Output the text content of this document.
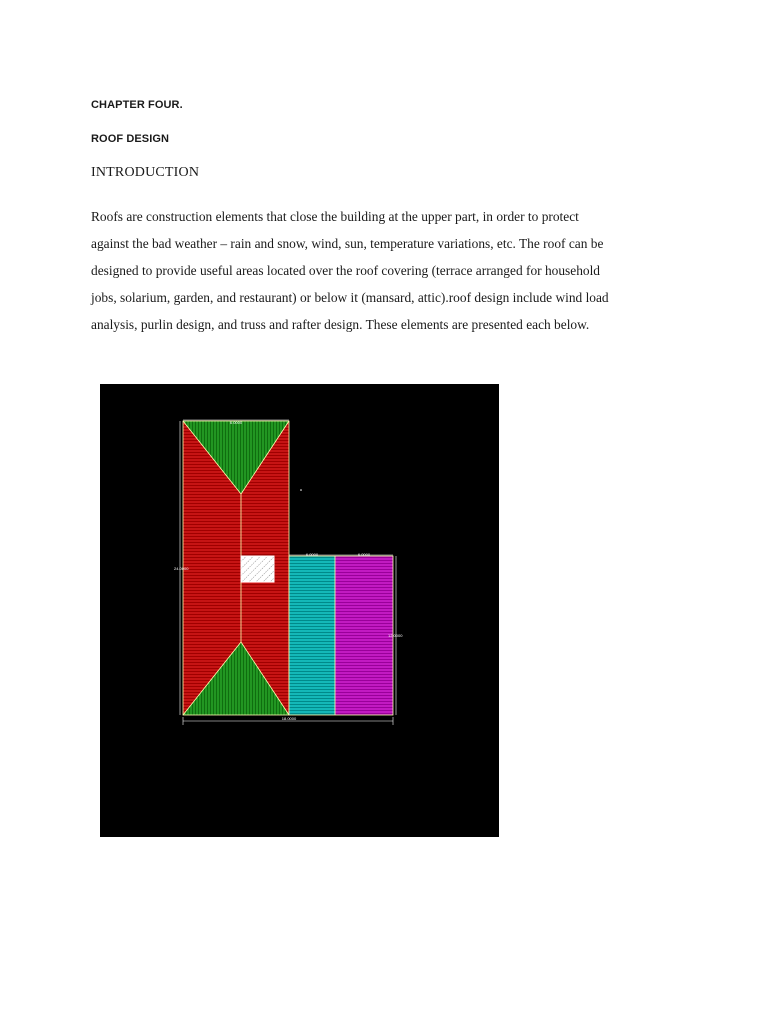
CHAPTER FOUR.
ROOF DESIGN
INTRODUCTION

Roofs are construction elements that close the building at the upper part, in order to protect
against the bad weather – rain and snow, wind, sun, temperature variations, etc. The roof can be
designed to provide useful areas located over the roof covering (terrace arranged for household
jobs, solarium, garden, and restaurant) or below it (mansard, attic).roof design include wind load
analysis, purlin design, and truss and rafter design. These elements are presented each below.

6.0000
24.0000
18.0000
12.0000
6.0000	6.0000
